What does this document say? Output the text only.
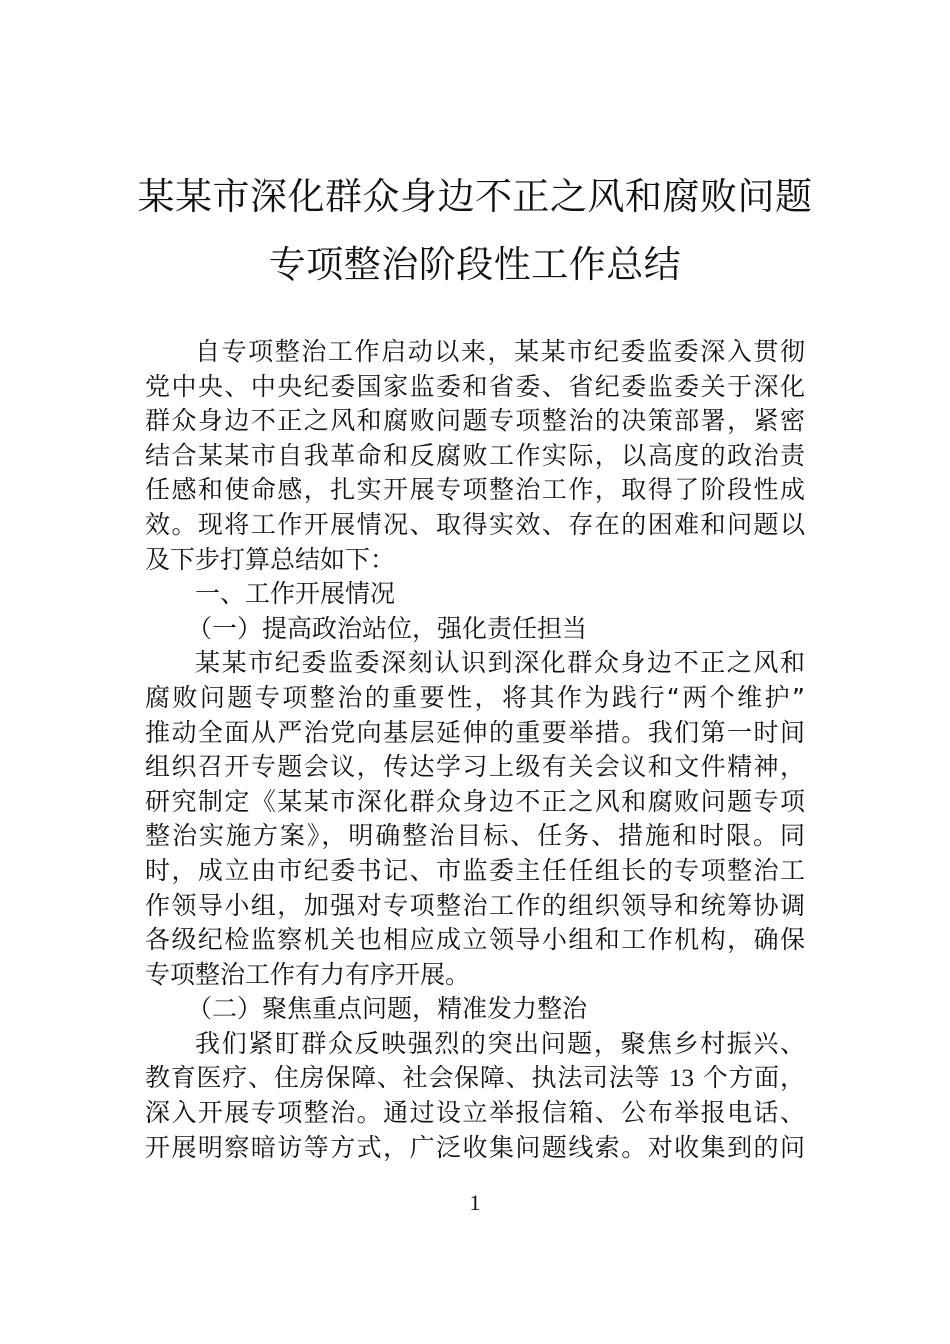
某某市深化群众身边不正之风和腐败问题
专项整治阶段性工作总结
自专项整治工作启动以来，某某市纪委监委深入贯彻
党中央、中央纪委国家监委和省委、省纪委监委关于深化
群众身边不正之风和腐败问题专项整治的决策部署，紧密
结合某某市自我革命和反腐败工作实际，以高度的政治责
任感和使命感，扎实开展专项整治工作，取得了阶段性成
效。现将工作开展情况、取得实效、存在的困难和问题以
及下步打算总结如下：
一、工作开展情况
（一）提高政治站位，强化责任担当
某某市纪委监委深刻认识到深化群众身边不正之风和
腐败问题专项整治的重要性，将其作为践行“两个维护”
推动全面从严治党向基层延伸的重要举措。我们第一时间
组织召开专题会议，传达学习上级有关会议和文件精神，
研究制定《某某市深化群众身边不正之风和腐败问题专项
整治实施方案》，明确整治目标、任务、措施和时限。同
时，成立由市纪委书记、市监委主任任组长的专项整治工
作领导小组，加强对专项整治工作的组织领导和统筹协调
各级纪检监察机关也相应成立领导小组和工作机构，确保
专项整治工作有力有序开展。
（二）聚焦重点问题，精准发力整治
我们紧盯群众反映强烈的突出问题，聚焦乡村振兴、
教育医疗、住房保障、社会保障、执法司法等 13 个方面，
深入开展专项整治。通过设立举报信箱、公布举报电话、
开展明察暗访等方式，广泛收集问题线索。对收集到的问
1
